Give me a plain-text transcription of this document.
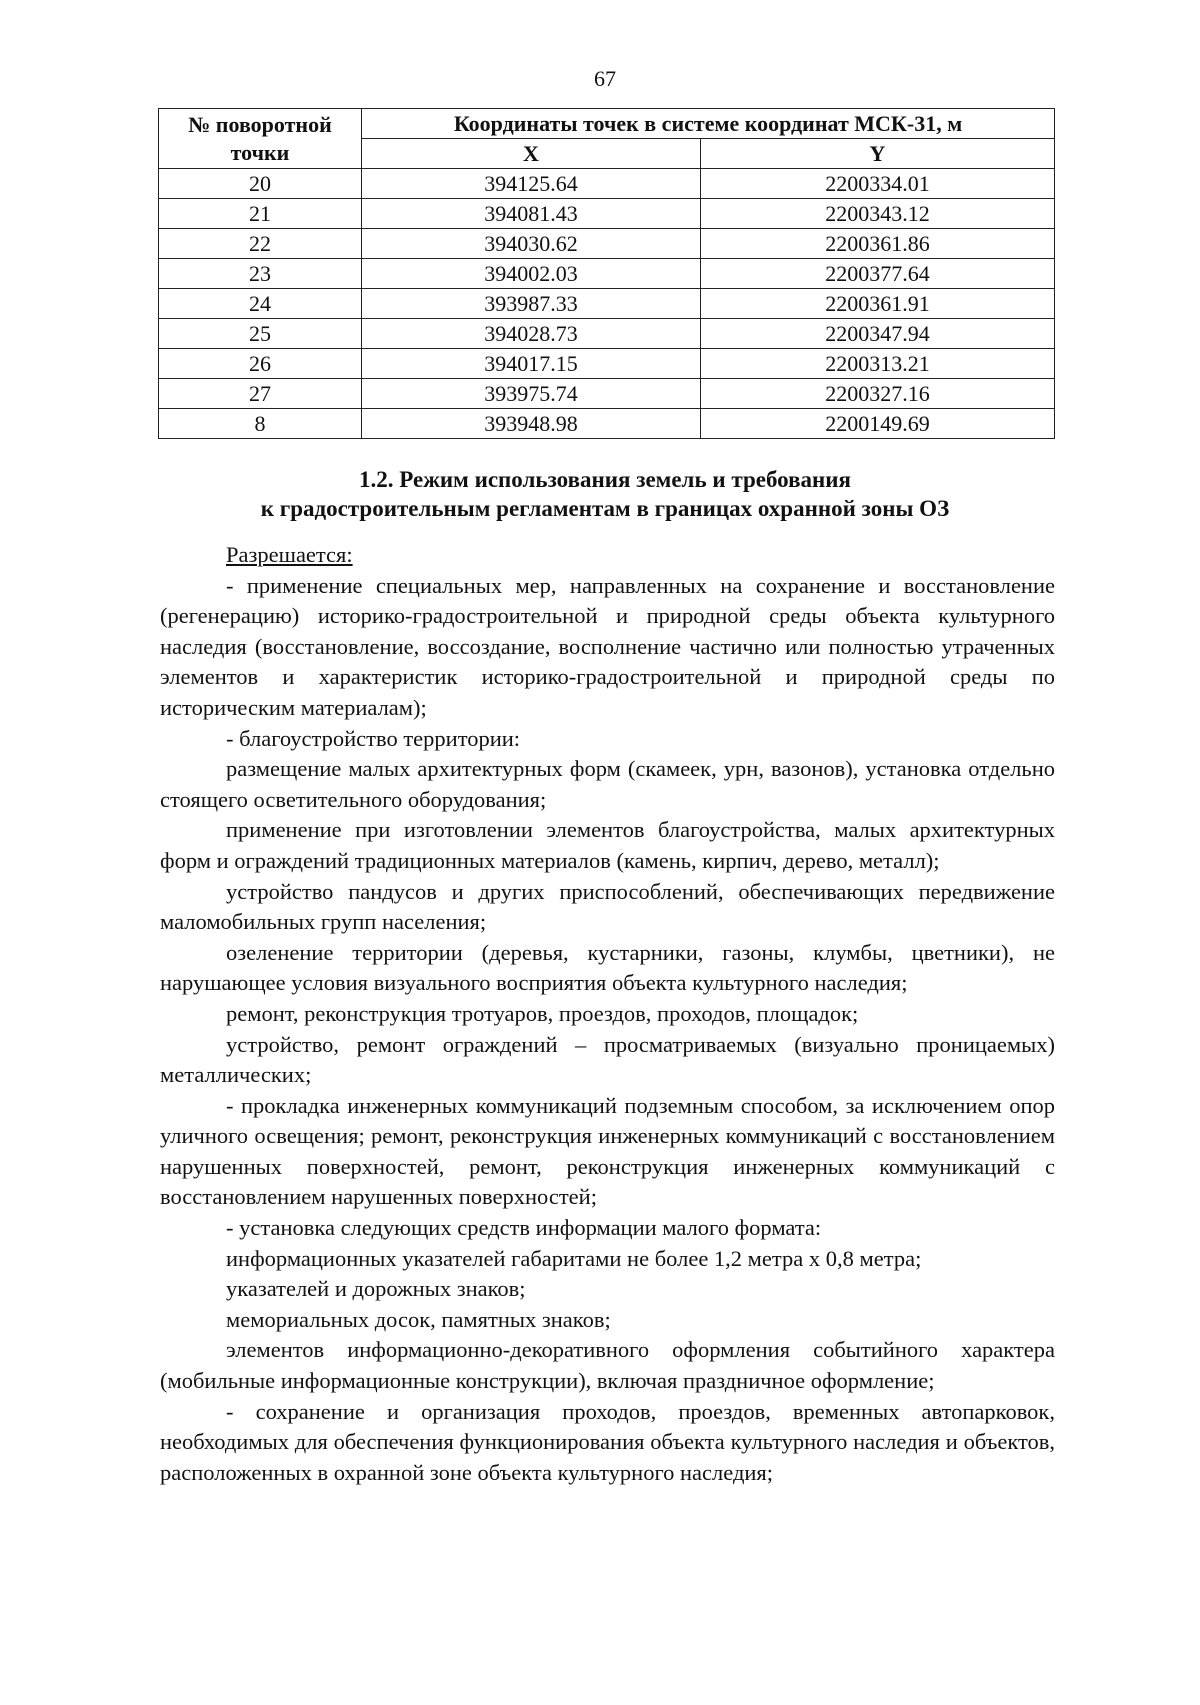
67
№ поворотной точки	Координаты точек в системе координат МСК-31, м	
	X	Y
20	394125.64	2200334.01
21	394081.43	2200343.12
22	394030.62	2200361.86
23	394002.03	2200377.64
24	393987.33	2200361.91
25	394028.73	2200347.94
26	394017.15	2200313.21
27	393975.74	2200327.16
8	393948.98	2200149.69
1.2. Режим использования земель и требования
к градостроительным регламентам в границах охранной зоны ОЗ

Разрешается:

- применение специальных мер, направленных на сохранение и восстановление (регенерацию) историко-градостроительной и природной среды объекта культурного наследия (восстановление, воссоздание, восполнение частично или полностью утраченных элементов и характеристик историко-градостроительной и природной среды по историческим материалам);

- благоустройство территории:

размещение малых архитектурных форм (скамеек, урн, вазонов), установка отдельно стоящего осветительного оборудования;

применение при изготовлении элементов благоустройства, малых архитектурных форм и ограждений традиционных материалов (камень, кирпич, дерево, металл);

устройство пандусов и других приспособлений, обеспечивающих передвижение маломобильных групп населения;

озеленение территории (деревья, кустарники, газоны, клумбы, цветники), не нарушающее условия визуального восприятия объекта культурного наследия;

ремонт, реконструкция тротуаров, проездов, проходов, площадок;

устройство, ремонт ограждений – просматриваемых (визуально проницаемых) металлических;

- прокладка инженерных коммуникаций подземным способом, за исключением опор уличного освещения; ремонт, реконструкция инженерных коммуникаций с восстановлением нарушенных поверхностей, ремонт, реконструкция инженерных коммуникаций с восстановлением нарушенных поверхностей;

- установка следующих средств информации малого формата:

информационных указателей габаритами не более 1,2 метра х 0,8 метра;

указателей и дорожных знаков;

мемориальных досок, памятных знаков;

элементов информационно-декоративного оформления событийного характера (мобильные информационные конструкции), включая праздничное оформление;

- сохранение и организация проходов, проездов, временных автопарковок, необходимых для обеспечения функционирования объекта культурного наследия и объектов, расположенных в охранной зоне объекта культурного наследия;
